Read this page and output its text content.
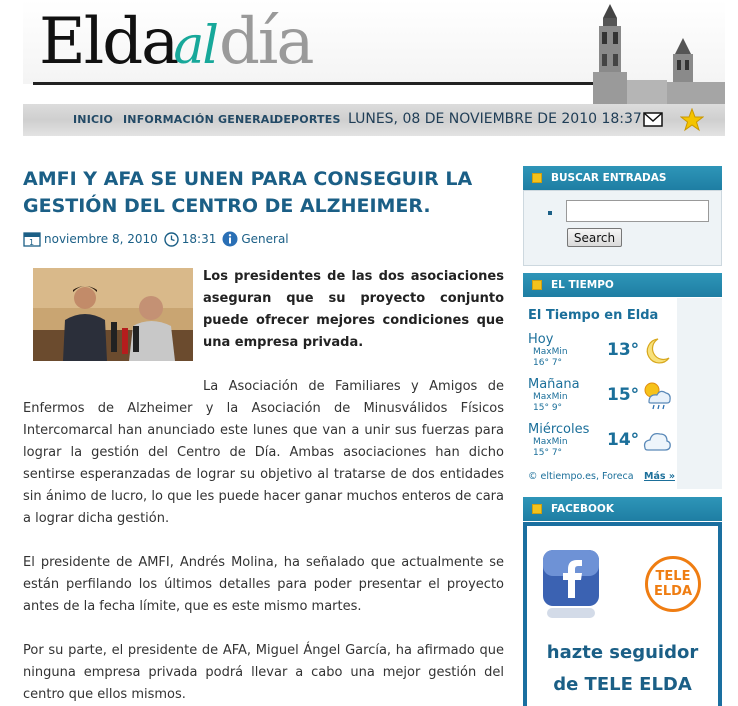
Eldaaldía
INICIO INFORMACIÓN GENERAL
DEPORTES LUNES, 08 DE NOVIEMBRE DE 2010 18:37
AMFI Y AFA SE UNEN PARA CONSEGUIR LA GESTIÓN DEL CENTRO DE ALZHEIMER.
1 noviembre 8, 2010 18:31 General

Los presidentes de las dos asociaciones aseguran que su proyecto conjunto puede ofrecer mejores condiciones que una empresa privada.

La Asociación de Familiares y Amigos de Enfermos de Alzheimer y la Asociación de Minusválidos Físicos Intercomarcal han anunciado este lunes que van a unir sus fuerzas para lograr la gestión del Centro de Día. Ambas asociaciones han dicho sentirse esperanzadas de lograr su objetivo al tratarse de dos entidades sin ánimo de lucro, lo que les puede hacer ganar muchos enteros de cara a lograr dicha gestión.

El presidente de AMFI, Andrés Molina, ha señalado que actualmente se están perfilando los últimos detalles para poder presentar el proyecto antes de la fecha límite, que es este mismo martes.

Por su parte, el presidente de AFA, Miguel Ángel García, ha afirmado que ninguna empresa privada podrá llevar a cabo una mejor gestión del centro que ellos mismos.

BUSCAR ENTRADAS
Search
EL TIEMPO
El Tiempo en Elda
Hoy
MaxMin
16° 7°
13°
Mañana
MaxMin
15° 9°
15°
Miércoles
MaxMin
15° 7°
14°
© eltiempo.es, Foreca Más »
FACEBOOK
TELE
ELDA
hazte seguidor
de TELE ELDA
